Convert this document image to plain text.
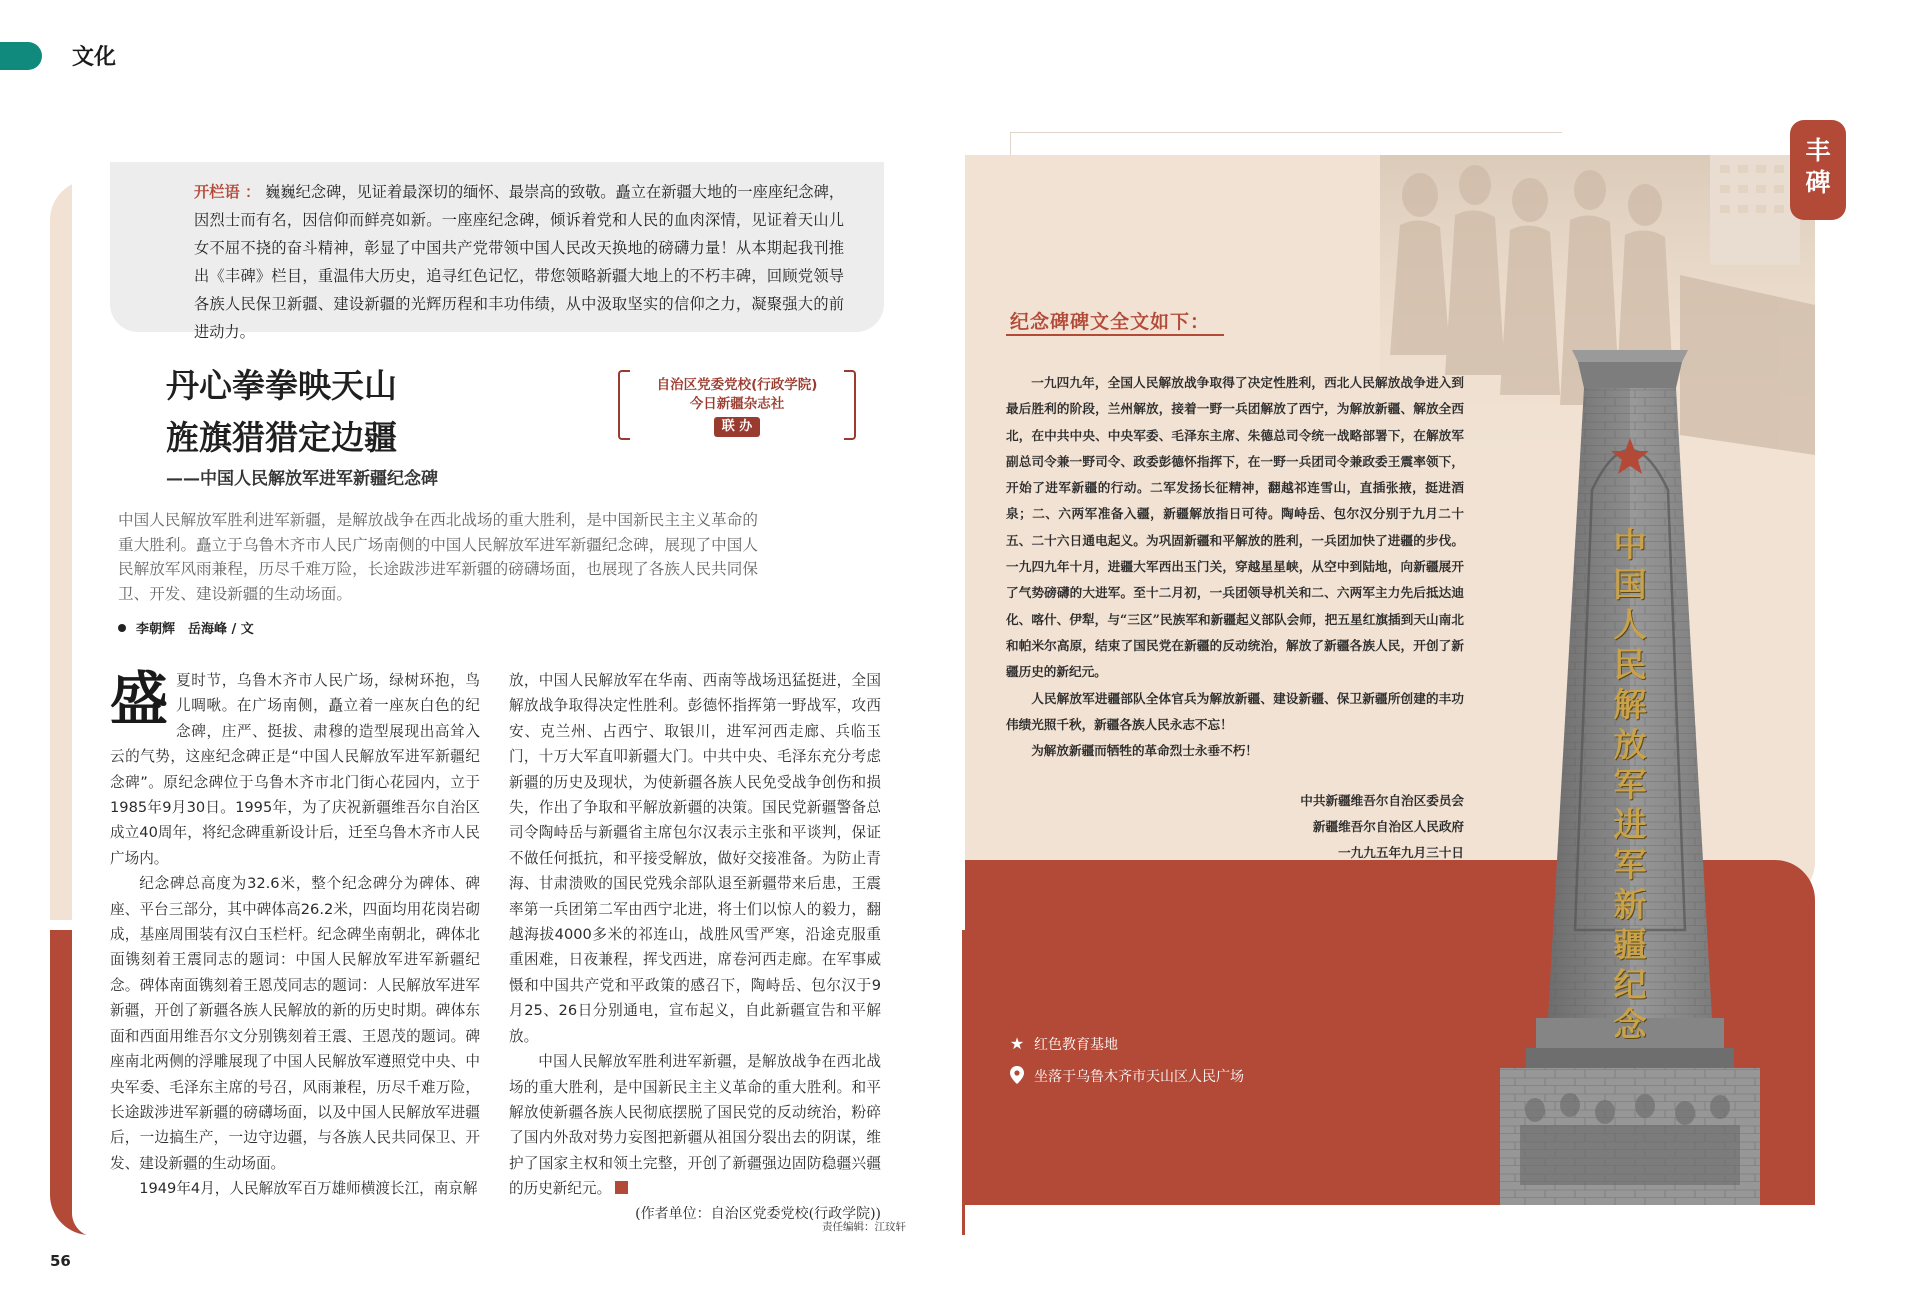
文化

开栏语 ： 巍巍纪念碑，见证着最深切的缅怀、最崇高的致敬。矗立在新疆大地的一座座纪念碑，因烈士而有名，因信仰而鲜亮如新。一座座纪念碑，倾诉着党和人民的血肉深情，见证着天山儿女不屈不挠的奋斗精神，彰显了中国共产党带领中国人民改天换地的磅礴力量！从本期起我刊推出《丰碑》栏目，重温伟大历史，追寻红色记忆，带您领略新疆大地上的不朽丰碑，回顾党领导各族人民保卫新疆、建设新疆的光辉历程和丰功伟绩，从中汲取坚实的信仰之力，凝聚强大的前进动力。

丹心拳拳映天山
旌旗猎猎定边疆
——中国人民解放军进军新疆纪念碑
自治区党委党校(行政学院)
今日新疆杂志社
联 办

中国人民解放军胜利进军新疆，是解放战争在西北战场的重大胜利，是中国新民主主义革命的重大胜利。矗立于乌鲁木齐市人民广场南侧的中国人民解放军进军新疆纪念碑，展现了中国人民解放军风雨兼程，历尽千难万险，长途跋涉进军新疆的磅礴场面，也展现了各族人民共同保卫、开发、建设新疆的生动场面。

李朝辉　岳海峰 / 文

盛夏时节，乌鲁木齐市人民广场，绿树环抱，鸟儿啁啾。在广场南侧，矗立着一座灰白色的纪念碑，庄严、挺拔、肃穆的造型展现出高耸入云的气势，这座纪念碑正是“中国人民解放军进军新疆纪念碑”。原纪念碑位于乌鲁木齐市北门街心花园内，立于1985年9月30日。1995年，为了庆祝新疆维吾尔自治区成立40周年，将纪念碑重新设计后，迁至乌鲁木齐市人民广场内。

纪念碑总高度为32.6米，整个纪念碑分为碑体、碑座、平台三部分，其中碑体高26.2米，四面均用花岗岩砌成，基座周围装有汉白玉栏杆。纪念碑坐南朝北，碑体北面镌刻着王震同志的题词：中国人民解放军进军新疆纪念。碑体南面镌刻着王恩茂同志的题词：人民解放军进军新疆，开创了新疆各族人民解放的新的历史时期。碑体东面和西面用维吾尔文分别镌刻着王震、王恩茂的题词。碑座南北两侧的浮雕展现了中国人民解放军遵照党中央、中央军委、毛泽东主席的号召，风雨兼程，历尽千难万险，长途跋涉进军新疆的磅礴场面，以及中国人民解放军进疆后，一边搞生产，一边守边疆，与各族人民共同保卫、开发、建设新疆的生动场面。

1949年4月，人民解放军百万雄师横渡长江，南京解

放，中国人民解放军在华南、西南等战场迅猛挺进，全国解放战争取得决定性胜利。彭德怀指挥第一野战军，攻西安、克兰州、占西宁、取银川，进军河西走廊、兵临玉门，十万大军直叩新疆大门。中共中央、毛泽东充分考虑新疆的历史及现状，为使新疆各族人民免受战争创伤和损失，作出了争取和平解放新疆的决策。国民党新疆警备总司令陶峙岳与新疆省主席包尔汉表示主张和平谈判，保证不做任何抵抗，和平接受解放，做好交接准备。为防止青海、甘肃溃败的国民党残余部队退至新疆带来后患，王震率第一兵团第二军由西宁北进，将士们以惊人的毅力，翻越海拔4000多米的祁连山，战胜风雪严寒，沿途克服重重困难，日夜兼程，挥戈西进，席卷河西走廊。在军事威慑和中国共产党和平政策的感召下，陶峙岳、包尔汉于9月25、26日分别通电，宣布起义，自此新疆宣告和平解放。

中国人民解放军胜利进军新疆，是解放战争在西北战场的重大胜利，是中国新民主主义革命的重大胜利。和平解放使新疆各族人民彻底摆脱了国民党的反动统治，粉碎了国内外敌对势力妄图把新疆从祖国分裂出去的阴谋，维护了国家主权和领土完整，开创了新疆强边固防稳疆兴疆的历史新纪元。

(作者单位：自治区党委党校(行政学院))

责任编辑：江玟轩
56
丰
碑
纪念碑碑文全文如下：

一九四九年，全国人民解放战争取得了决定性胜利，西北人民解放战争进入到最后胜利的阶段，兰州解放，接着一野一兵团解放了西宁，为解放新疆、解放全西北，在中共中央、中央军委、毛泽东主席、朱德总司令统一战略部署下，在解放军副总司令兼一野司令、政委彭德怀指挥下，在一野一兵团司令兼政委王震率领下，开始了进军新疆的行动。二军发扬长征精神，翻越祁连雪山，直插张掖，挺进酒泉；二、六两军准备入疆，新疆解放指日可待。陶峙岳、包尔汉分别于九月二十五、二十六日通电起义。为巩固新疆和平解放的胜利，一兵团加快了进疆的步伐。一九四九年十月，进疆大军西出玉门关，穿越星星峡，从空中到陆地，向新疆展开了气势磅礴的大进军。至十二月初，一兵团领导机关和二、六两军主力先后抵达迪化、喀什、伊犁，与“三区”民族军和新疆起义部队会师，把五星红旗插到天山南北和帕米尔高原，结束了国民党在新疆的反动统治，解放了新疆各族人民，开创了新疆历史的新纪元。

人民解放军进疆部队全体官兵为解放新疆、建设新疆、保卫新疆所创建的丰功伟绩光照千秋，新疆各族人民永志不忘！

为解放新疆而牺牲的革命烈士永垂不朽！

中共新疆维吾尔自治区委员会
新疆维吾尔自治区人民政府
一九九五年九月三十日
★ 红色教育基地
坐落于乌鲁木齐市天山区人民广场
中
国
人
民
解
放
军
进
军
新
疆
纪
念
